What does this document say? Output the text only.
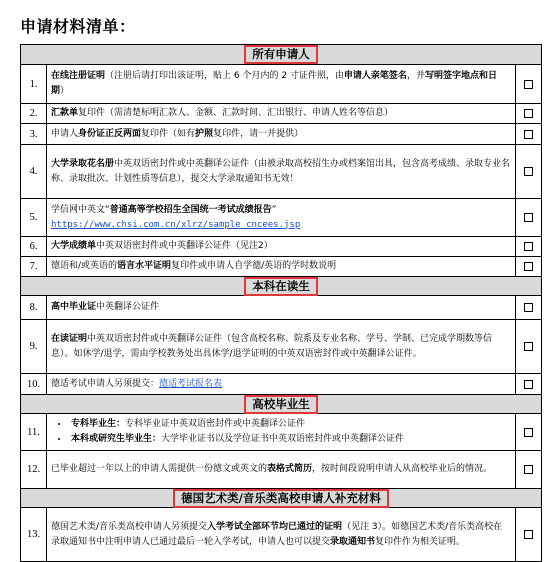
申请材料清单：
所有申请人
1.
在线注册证明（注册后请打印出该证明，贴上 6 个月内的 2 寸证件照，由申请人亲笔签名，并写明签字地点和日期）
2.	汇款单复印件（需清楚标明汇款人、金额、汇款时间、汇出银行、申请人姓名等信息）
3.	申请人身份证正反两面复印件（如有护照复印件，请一并提供）
4.
大学录取花名册中英双语密封件或中英翻译公证件（由被录取高校招生办或档案馆出具，包含高考成绩、录取专业名称、录取批次、计划性质等信息），提交大学录取通知书无效！
5.
学信网中英文“普通高等学校招生全国统一考试成绩报告”
https://www.chsi.com.cn/xlrz/sample_cncees.jsp
6.	大学成绩单中英双语密封件或中英翻译公证件（见注2）
7.	德语和/或英语的语言水平证明复印件或申请人自学德/英语的学时数说明
本科在读生
8.	高中毕业证中英翻译公证件
9.
在读证明中英双语密封件或中英翻译公证件（包含高校名称、院系及专业名称、学号、学制、已完成学期数等信息）。如休学/退学，需由学校教务处出具休学/退学证明的中英双语密封件或中英翻译公证件。
10.	德适考试申请人另须提交：德适考试报名表
高校毕业生
11.
• 专科毕业生：专科毕业证中英双语密封件或中英翻译公证件
• 本科或研究生毕业生：大学毕业证书以及学位证书中英双语密封件或中英翻译公证件
12.	已毕业超过一年以上的申请人需提供一份德文或英文的表格式简历，按时间段说明申请人从高校毕业后的情况。
德国艺术类/音乐类高校申请人补充材料
13.
德国艺术类/音乐类高校申请人另须提交入学考试全部环节均已通过的证明（见注 3）。如德国艺术类/音乐类高校在录取通知书中注明申请人已通过最后一轮入学考试，申请人也可以提交录取通知书复印件作为相关证明。
